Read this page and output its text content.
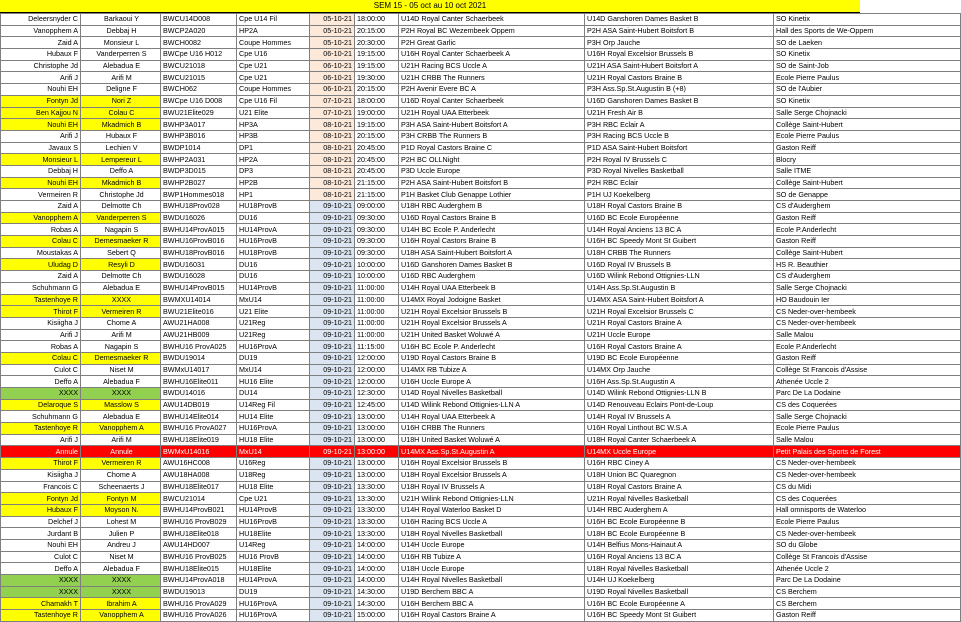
SEM 15 - 05 oct au 10 oct 2021
Deleersnyder C	Barkaoui Y	BWCU14D008	Cpe U14 Fil	05-10-21	18:00:00	U14D Royal Canter Schaerbeek	U14D Ganshoren Dames Basket B	SO Kinetix
Vanopphem A	Debbaj H	BWCP2A020	HP2A	05-10-21	20:15:00	P2H Royal BC Wezembeek Oppem	P2H ASA Saint-Hubert Boitsfort B	Hall des Sports de We-Oppem
Zaid A	Monsieur L	BWCH0082	Coupe Hommes	05-10-21	20:30:00	P2H Great Garlic	P3H Orp Jauche	SO de Laeken
Hubaux F	Vanderperren S	BWCpe U16 H012	Cpe U16	06-10-21	19:15:00	U16H Royal Canter Schaerbeek A	U16H Royal Excelsior Brussels B	SO Kinetix
Christophe Jd	Alebadua E	BWCU21018	Cpe U21	06-10-21	19:15:00	U21H Racing BCS Uccle A	U21H ASA Saint-Hubert Boitsfort A	SO de Saint-Job
Arifi J	Arifi M	BWCU21015	Cpe U21	06-10-21	19:30:00	U21H CRBB The Runners	U21H Royal Castors Braine B	Ecole Pierre Paulus
Nouhi EH	Deligne F	BWCH062	Coupe Hommes	06-10-21	20:15:00	P2H Avenir Evere BC A	P3H Ass.Sp.St.Augustin B (+8)	SO de l'Aubier
Fontyn Jd	Nori Z	BWCpe U16 D008	Cpe U16 Fil	07-10-21	18:00:00	U16D Royal Canter Schaerbeek	U16D Ganshoren Dames Basket B	SO Kinetix
Ben Kajjou N	Colau C	BWU21Elite029	U21 Elite	07-10-21	19:00:00	U21H Royal UAA Etterbeek	U21H Fresh Air B	Salle Serge Chojnacki
Nouhi EH	Mkadmich B	BWHP3A017	HP3A	08-10-21	19:15:00	P3H ASA Saint-Hubert Boitsfort A	P3H RBC Eclair A	Collège Saint-Hubert
Arifi J	Hubaux F	BWHP3B016	HP3B	08-10-21	20:15:00	P3H CRBB The Runners B	P3H Racing BCS Uccle B	Ecole Pierre Paulus
Javaux S	Lechien V	BWDP1014	DP1	08-10-21	20:45:00	P1D Royal Castors Braine C	P1D ASA Saint-Hubert Boitsfort	Gaston Reiff
Monsieur L	Lempereur L	BWHP2A031	HP2A	08-10-21	20:45:00	P2H BC OLLNight	P2H Royal IV Brussels C	Blocry
Debbaj H	Deffo A	BWDP3D015	DP3	08-10-21	20:45:00	P3D Uccle Europe	P3D Royal Nivelles Basketball	Salle ITME
Nouhi EH	Mkadmich B	BWHP2B027	HP2B	08-10-21	21:15:00	P2H ASA Saint-Hubert Boitsfort B	P2H RBC Eclair	Collège Saint-Hubert
Vermeiren R	Christophe Jd	BWP1Hommes018	HP1	08-10-21	21:15:00	P1H Basket Club Genappe Lothier	P1H UJ Koekelberg	SO de Genappe
Zaid A	Delmotte Ch	BWHU18Prov028	HU18ProvB	09-10-21	09:00:00	U18H RBC Auderghem B	U18H Royal Castors Braine B	CS d'Auderghem
Vanopphem A	Vanderperren S	BWDU16026	DU16	09-10-21	09:30:00	U16D Royal Castors Braine B	U16D BC Ecole Européenne	Gaston Reiff
Robas A	Nagapin S	BWHU14ProvA015	HU14ProvA	09-10-21	09:30:00	U14H BC Ecole P. Anderlecht	U14H Royal Anciens 13 BC A	Ecole P.Anderlecht
Colau C	Demesmaeker R	BWHU16ProvB016	HU16ProvB	09-10-21	09:30:00	U16H Royal Castors Braine B	U16H BC Speedy Mont St Guibert	Gaston Reiff
Moustakas A	Sebert Q	BWHU18ProvB016	HU18ProvB	09-10-21	09:30:00	U18H ASA Saint-Hubert Boitsfort A	U18H CRBB The Runners	Collège Saint-Hubert
Uludag D	Resyli D	BWDU16031	DU16	09-10-21	10:00:00	U16D Ganshoren Dames Basket B	U16D Royal IV Brussels B	HS R. Beauthier
Zaid A	Delmotte Ch	BWDU16028	DU16	09-10-21	10:00:00	U16D RBC Auderghem	U16D Wilink Rebond Ottignies-LLN	CS d'Auderghem
Schuhmann G	Alebadua E	BWHU14ProvB015	HU14ProvB	09-10-21	11:00:00	U14H Royal UAA Etterbeek B	U14H Ass.Sp.St.Augustin B	Salle Serge Chojnacki
Tastenhoye R	XXXX	BWMXU14014	MxU14	09-10-21	11:00:00	U14MX Royal Jodoigne Basket	U14MX ASA Saint-Hubert Boitsfort A	HO Baudouin Ier
Thirot F	Vermeiren R	BWU21Elite016	U21 Elite	09-10-21	11:00:00	U21H Royal Excelsior Brussels B	U21H Royal Excelsior Brussels C	CS Neder-over-hembeek
Kisiigha J	Chome A	AWU21HA008	U21Reg	09-10-21	11:00:00	U21H Royal Excelsior Brussels A	U21H Royal Castors Braine A	CS Neder-over-hembeek
Arifi J	Arifi M	AWU21HB009	U21Reg	09-10-21	11:00:00	U21H United Basket Woluwé A	U21H Uccle Europe	Salle Malou
Robas A	Nagapin S	BWHU16 ProvA025	HU16ProvA	09-10-21	11:15:00	U16H BC Ecole P. Anderlecht	U16H Royal Castors Braine A	Ecole P.Anderlecht
Colau C	Demesmaeker R	BWDU19014	DU19	09-10-21	12:00:00	U19D Royal Castors Braine B	U19D BC Ecole Européenne	Gaston Reiff
Culot C	Niset M	BWMxU14017	MxU14	09-10-21	12:00:00	U14MX RB Tubize A	U14MX Orp Jauche	Collège St Francois d'Assise
Deffo A	Alebadua F	BWHU16Elite011	HU16 Elite	09-10-21	12:00:00	U16H Uccle Europe A	U16H Ass.Sp.St.Augustin A	Athenée Uccle 2
XXXX	XXXX	BWDU14016	DU14	09-10-21	12:30:00	U14D Royal Nivelles Basketball	U14D Wilink Rebond Ottignies-LLN B	Parc De La Dodaine
Delaroque S	Masslow S	AWU14DB019	U14Reg Fil	09-10-21	12:45:00	U14D Wilink Rebond Ottignies-LLN A	U14D Renouveau Eclairs Pont-de-Loup	CS des Coquerées
Schuhmann G	Alebadua E	BWHU14Elite014	HU14 Elite	09-10-21	13:00:00	U14H Royal UAA Etterbeek A	U14H Royal IV Brussels A	Salle Serge Chojnacki
Tastenhoye R	Vanopphem A	BWHU16 ProvA027	HU16ProvA	09-10-21	13:00:00	U16H CRBB The Runners	U16H Royal Linthout BC W.S.A	Ecole Pierre Paulus
Arifi J	Arifi M	BWHU18Elite019	HU18 Elite	09-10-21	13:00:00	U18H United Basket Woluwé A	U18H Royal Canter Schaerbeek A	Salle Malou
Annule	Annule	BWMxU14016	MxU14	09-10-21	13:00:00	U14MX Ass.Sp.St.Augustin A	U14MX Uccle Europe	Petit Palais des Sports de Forest
Thirot F	Vermeiren R	AWU16HC008	U16Reg	09-10-21	13:00:00	U16H Royal Excelsior Brussels B	U16H RBC Ciney A	CS Neder-over-hembeek
Kisiigha J	Chome A	AWU18HA008	U18Reg	09-10-21	13:00:00	U18H Royal Excelsior Brussels A	U18H Union BC Quaregnon	CS Neder-over-hembeek
Francois C	Scheenaerts J	BWHU18Elite017	HU18 Elite	09-10-21	13:30:00	U18H Royal IV Brussels A	U18H Royal Castors Braine A	CS du Midi
Fontyn Jd	Fontyn M	BWCU21014	Cpe U21	09-10-21	13:30:00	U21H Wilink Rebond Ottignies-LLN	U21H Royal Nivelles Basketball	CS des Coquerées
Hubaux F	Moyson N.	BWHU14ProvB021	HU14ProvB	09-10-21	13:30:00	U14H Royal Waterloo Basket D	U14H RBC Auderghem A	Hall omnisports de Waterloo
Delchef J	Lohest M	BWHU16 ProvB029	HU16ProvB	09-10-21	13:30:00	U16H Racing BCS Uccle A	U16H BC Ecole Européenne B	Ecole Pierre Paulus
Jurdant B	Julien P	BWHU18Elite018	HU18Elite	09-10-21	13:30:00	U18H Royal Nivelles Basketball	U18H BC Ecole Européenne B	CS Neder-over-hembeek
Nouhi EH	Andreu J	AWU14HD007	U14Reg	09-10-21	14:00:00	U14H Uccle Europe	U14H Belfius Mons-Hainaut A	SO du Globe
Culot C	Niset M	BWHU16 ProvB025	HU16 ProvB	09-10-21	14:00:00	U16H RB Tubize A	U16H Royal Anciens 13 BC A	Collège St Francois d'Assise
Deffo A	Alebadua F	BWHU18Elite015	HU18Elite	09-10-21	14:00:00	U18H Uccle Europe	U18H Royal Nivelles Basketball	Athenée Uccle 2
XXXX	XXXX	BWHU14ProvA018	HU14ProvA	09-10-21	14:00:00	U14H Royal Nivelles Basketball	U14H UJ Koekelberg	Parc De La Dodaine
XXXX	XXXX	BWDU19013	DU19	09-10-21	14:30:00	U19D Berchem BBC A	U19D Royal Nivelles Basketball	CS Berchem
Chamakh T	Ibrahim A	BWHU16 ProvA029	HU16ProvA	09-10-21	14:30:00	U16H Berchem BBC A	U16H BC Ecole Européenne A	CS Berchem
Tastenhoye R	Vanopphem A	BWHU16 ProvA026	HU16ProvA	09-10-21	15:00:00	U16H Royal Castors Braine A	U16H BC Speedy Mont St Guibert	Gaston Reiff
